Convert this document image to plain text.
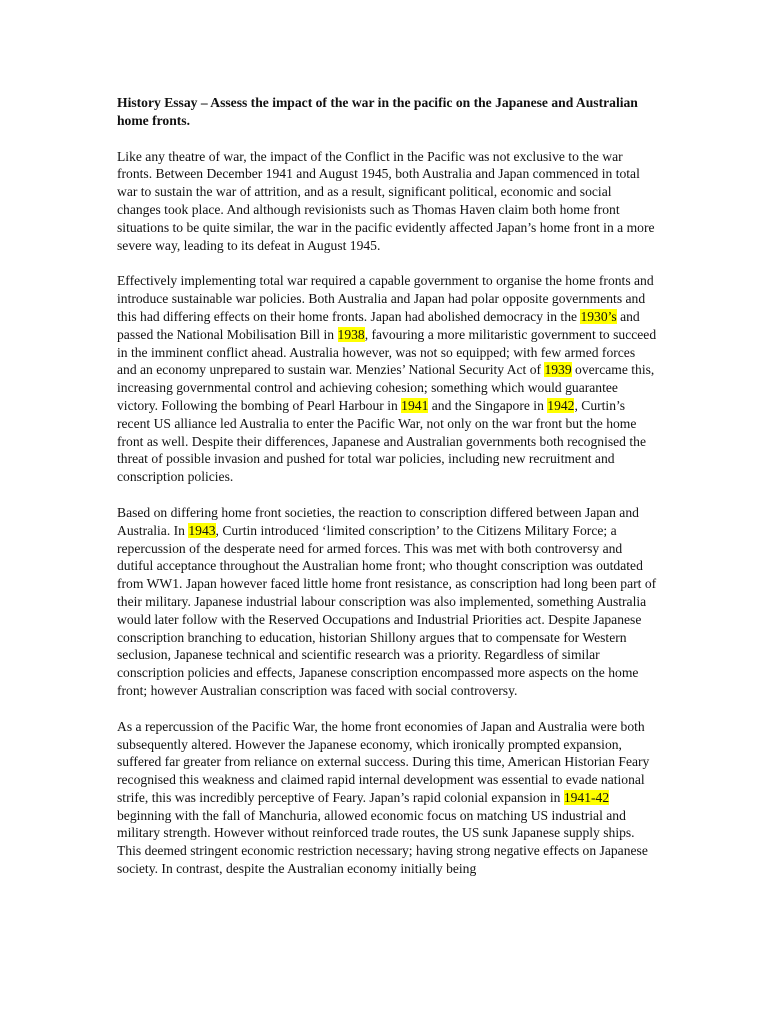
History Essay – Assess the impact of the war in the pacific on the Japanese and Australian home fronts.

Like any theatre of war, the impact of the Conflict in the Pacific was not exclusive to the war fronts. Between December 1941 and August 1945, both Australia and Japan commenced in total war to sustain the war of attrition, and as a result, significant political, economic and social changes took place. And although revisionists such as Thomas Haven claim both home front situations to be quite similar, the war in the pacific evidently affected Japan’s home front in a more severe way, leading to its defeat in August 1945.

Effectively implementing total war required a capable government to organise the home fronts and introduce sustainable war policies. Both Australia and Japan had polar opposite governments and this had differing effects on their home fronts. Japan had abolished democracy in the 1930’s and passed the National Mobilisation Bill in 1938, favouring a more militaristic government to succeed in the imminent conflict ahead. Australia however, was not so equipped; with few armed forces and an economy unprepared to sustain war. Menzies’ National Security Act of 1939 overcame this, increasing governmental control and achieving cohesion; something which would guarantee victory. Following the bombing of Pearl Harbour in 1941 and the Singapore in 1942, Curtin’s recent US alliance led Australia to enter the Pacific War, not only on the war front but the home front as well. Despite their differences, Japanese and Australian governments both recognised the threat of possible invasion and pushed for total war policies, including new recruitment and conscription policies.

Based on differing home front societies, the reaction to conscription differed between Japan and Australia. In 1943, Curtin introduced ‘limited conscription’ to the Citizens Military Force; a repercussion of the desperate need for armed forces. This was met with both controversy and dutiful acceptance throughout the Australian home front; who thought conscription was outdated from WW1. Japan however faced little home front resistance, as conscription had long been part of their military. Japanese industrial labour conscription was also implemented, something Australia would later follow with the Reserved Occupations and Industrial Priorities act. Despite Japanese conscription branching to education, historian Shillony argues that to compensate for Western seclusion, Japanese technical and scientific research was a priority. Regardless of similar conscription policies and effects, Japanese conscription encompassed more aspects on the home front; however Australian conscription was faced with social controversy.

As a repercussion of the Pacific War, the home front economies of Japan and Australia were both subsequently altered. However the Japanese economy, which ironically prompted expansion, suffered far greater from reliance on external success. During this time, American Historian Feary recognised this weakness and claimed rapid internal development was essential to evade national strife, this was incredibly perceptive of Feary. Japan’s rapid colonial expansion in 1941-42 beginning with the fall of Manchuria, allowed economic focus on matching US industrial and military strength. However without reinforced trade routes, the US sunk Japanese supply ships. This deemed stringent economic restriction necessary; having strong negative effects on Japanese society. In contrast, despite the Australian economy initially being
